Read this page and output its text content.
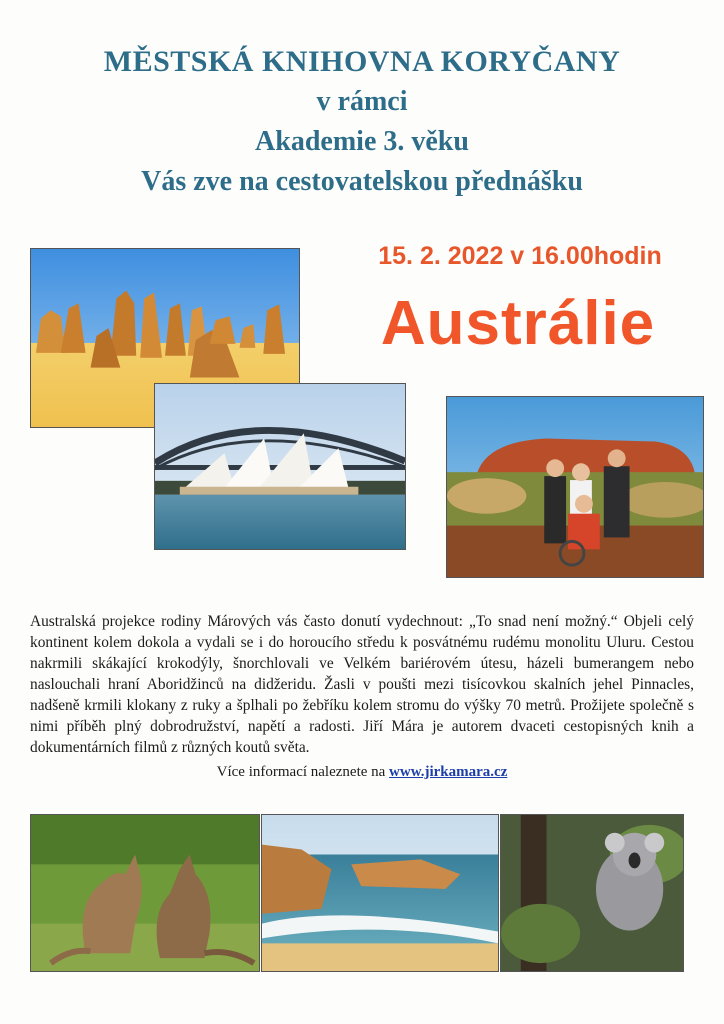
MĚSTSKÁ KNIHOVNA KORYČANY
v rámci
Akademie 3. věku
Vás zve na cestovatelskou přednášku
15. 2. 2022 v 16.00hodin
Austrálie

Australská projekce rodiny Márových vás často donutí vydechnout: „To snad není možný.“ Objeli celý kontinent kolem dokola a vydali se i do horoucího středu k posvátnému rudému monolitu Uluru. Cestou nakrmili skákající krokodýly, šnorchlovali ve Velkém bariérovém útesu, házeli bumerangem nebo naslouchali hraní Aboridžinců na didžeridu. Žasli v poušti mezi tisícovkou skalních jehel Pinnacles, nadšeně krmili klokany z ruky a šplhali po žebříku kolem stromu do výšky 70 metrů. Prožijete společně s nimi příběh plný dobrodružství, napětí a radosti. Jiří Mára je autorem dvaceti cestopisných knih a dokumentárních filmů z různých koutů světa.

Více informací naleznete na www.jirkamara.cz
